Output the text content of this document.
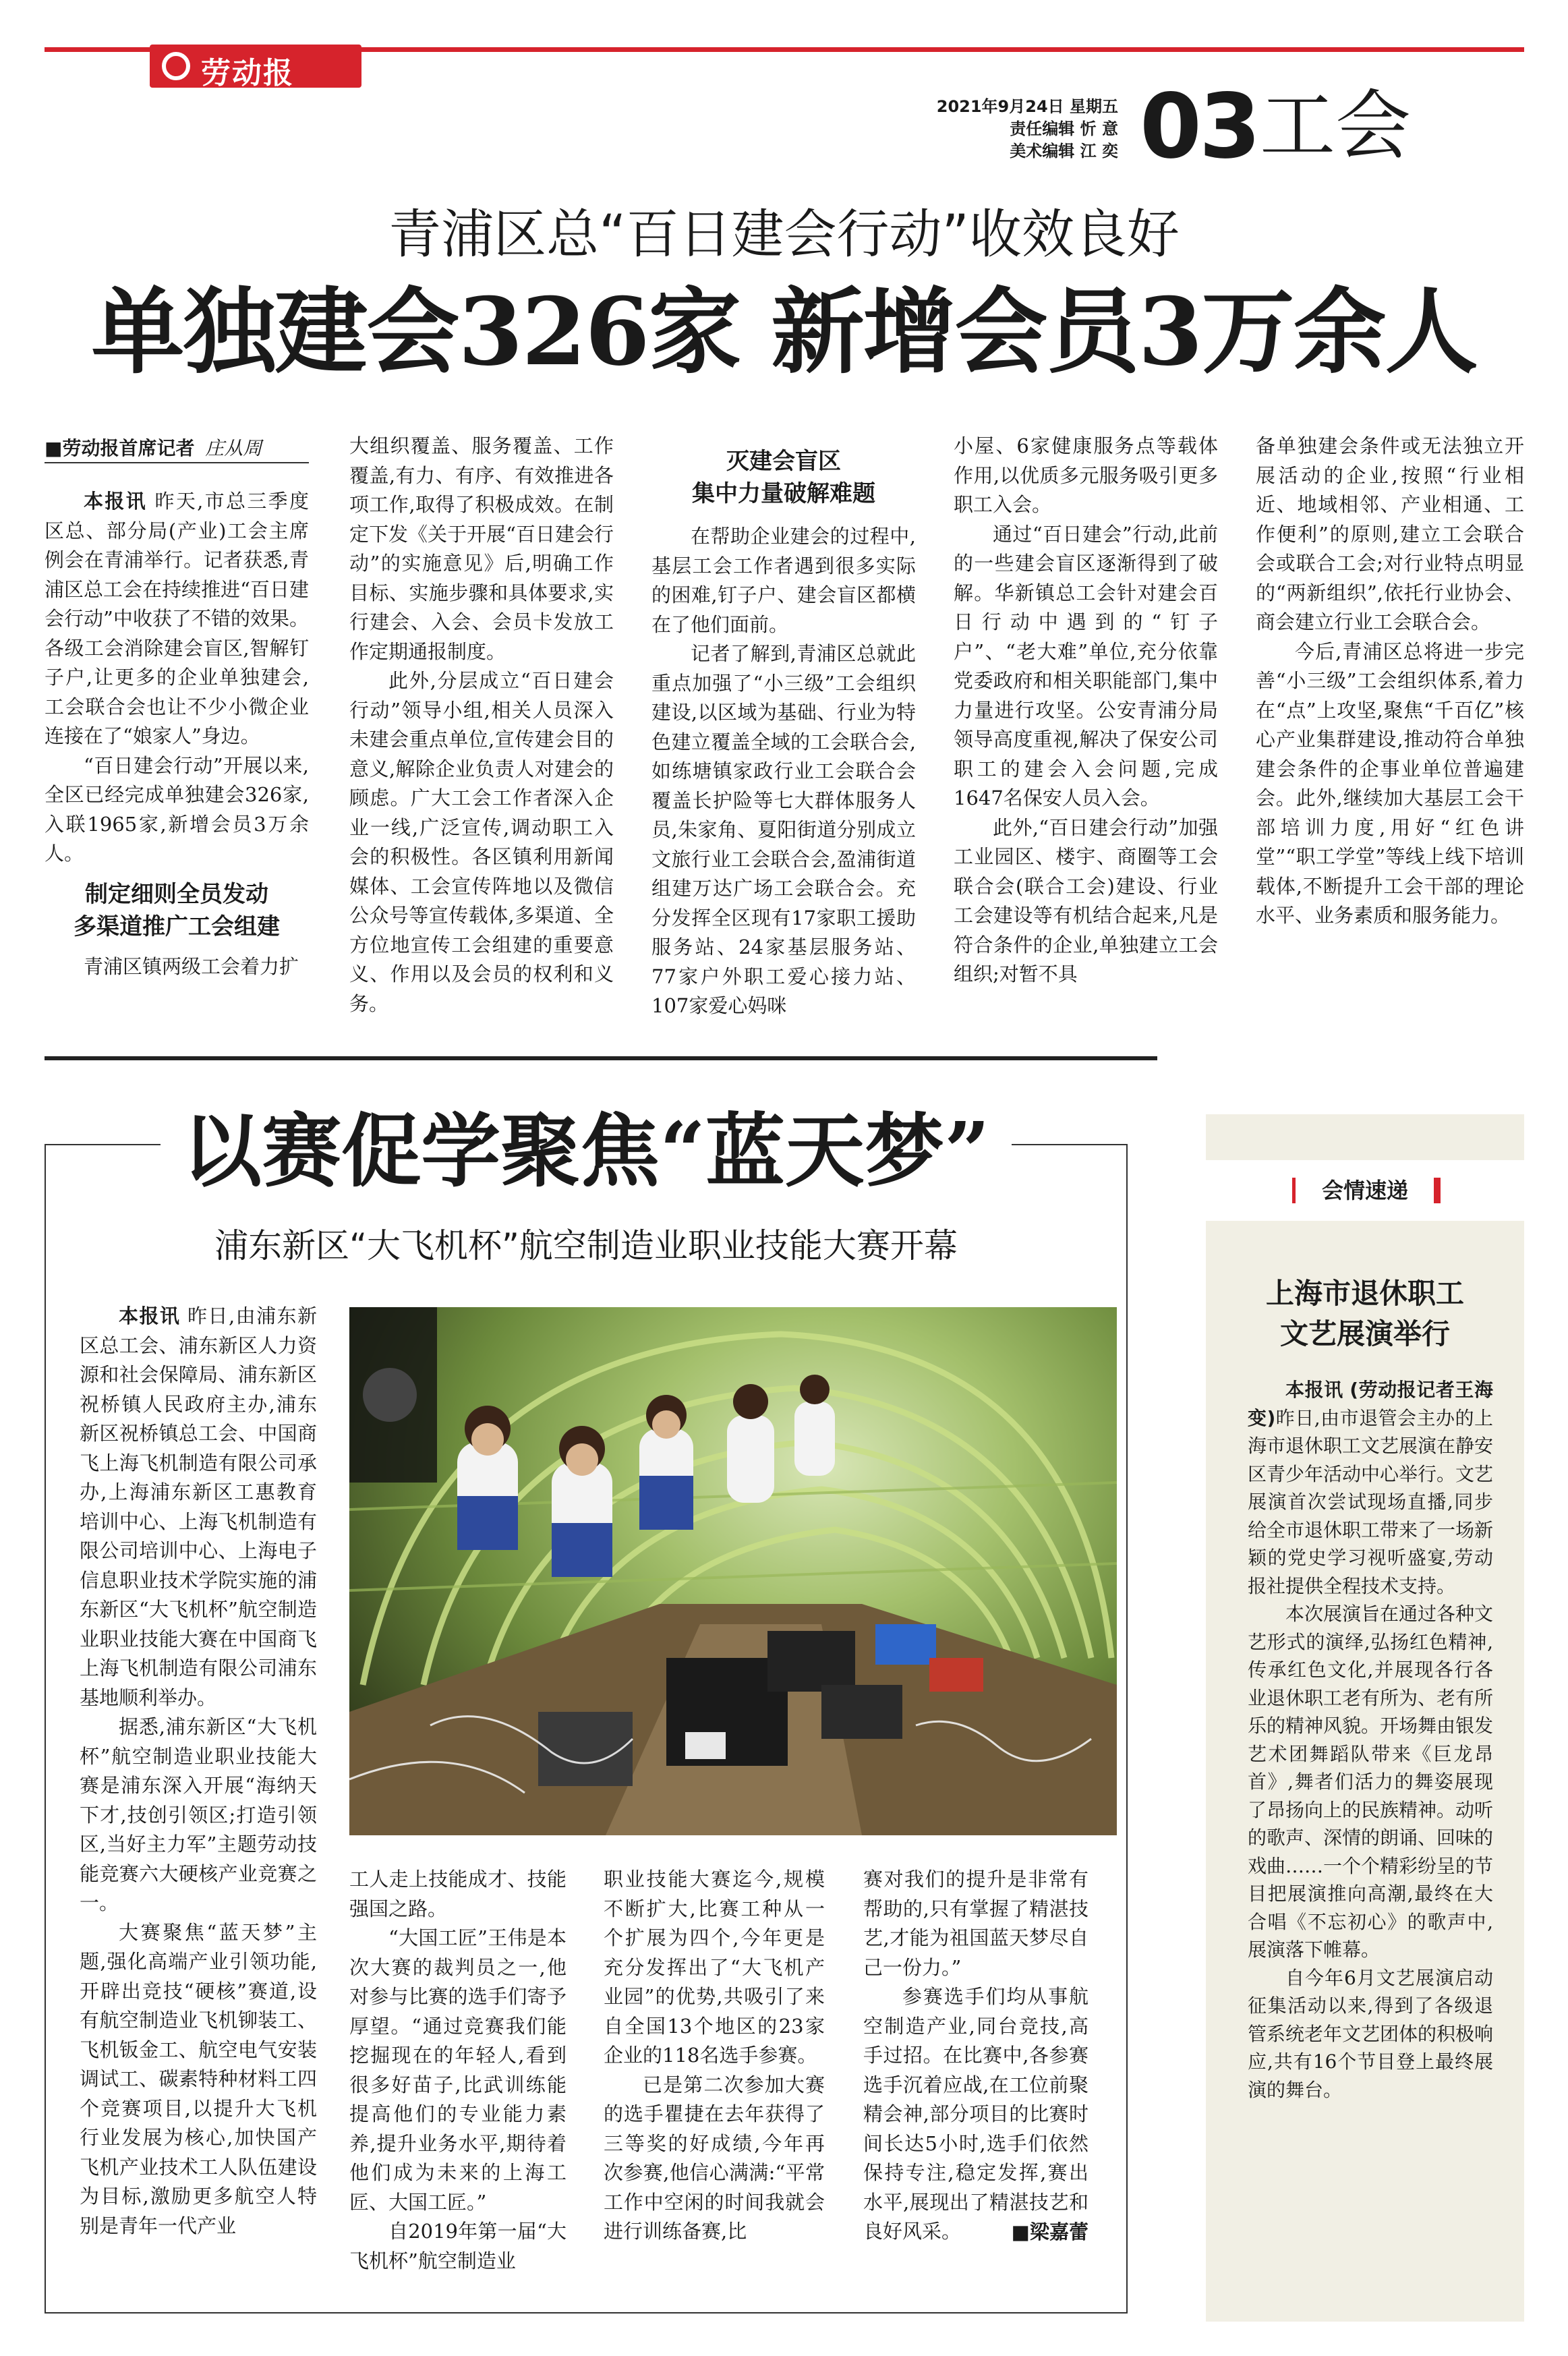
劳动报
2021年9月24日 星期五
责任编辑 忻 意
美术编辑 江 奕 03 工会
青浦区总“百日建会行动”收效良好
单独建会326家 新增会员3万余人
■劳动报首席记者 庄从周

本报讯 昨天,市总三季度区总、部分局(产业)工会主席例会在青浦举行。记者获悉,青浦区总工会在持续推进“百日建会行动”中收获了不错的效果。各级工会消除建会盲区,智解钉子户,让更多的企业单独建会,工会联合会也让不少小微企业连接在了“娘家人”身边。

“百日建会行动”开展以来,全区已经完成单独建会326家,入联1965家,新增会员3万余人。

制定细则全员发动
多渠道推广工会组建

青浦区镇两级工会着力扩

大组织覆盖、服务覆盖、工作覆盖,有力、有序、有效推进各项工作,取得了积极成效。在制定下发《关于开展“百日建会行动”的实施意见》后,明确工作目标、实施步骤和具体要求,实行建会、入会、会员卡发放工作定期通报制度。

此外,分层成立“百日建会行动”领导小组,相关人员深入未建会重点单位,宣传建会目的意义,解除企业负责人对建会的顾虑。广大工会工作者深入企业一线,广泛宣传,调动职工入会的积极性。各区镇利用新闻媒体、工会宣传阵地以及微信公众号等宣传载体,多渠道、全方位地宣传工会组建的重要意义、作用以及会员的权利和义务。

灭建会盲区
集中力量破解难题

在帮助企业建会的过程中,基层工会工作者遇到很多实际的困难,钉子户、建会盲区都横在了他们面前。

记者了解到,青浦区总就此重点加强了“小三级”工会组织建设,以区域为基础、行业为特色建立覆盖全域的工会联合会,如练塘镇家政行业工会联合会覆盖长护险等七大群体服务人员,朱家角、夏阳街道分别成立文旅行业工会联合会,盈浦街道组建万达广场工会联合会。充分发挥全区现有17家职工援助服务站、24家基层服务站、77家户外职工爱心接力站、107家爱心妈咪

小屋、6家健康服务点等载体作用,以优质多元服务吸引更多职工入会。

通过“百日建会”行动,此前的一些建会盲区逐渐得到了破解。华新镇总工会针对建会百日行动中遇到的“钉子户”、“老大难”单位,充分依靠党委政府和相关职能部门,集中力量进行攻坚。公安青浦分局领导高度重视,解决了保安公司职工的建会入会问题,完成1647名保安人员入会。

此外,“百日建会行动”加强工业园区、楼宇、商圈等工会联合会(联合工会)建设、行业工会建设等有机结合起来,凡是符合条件的企业,单独建立工会组织;对暂不具

备单独建会条件或无法独立开展活动的企业,按照“行业相近、地域相邻、产业相通、工作便利”的原则,建立工会联合会或联合工会;对行业特点明显的“两新组织”,依托行业协会、商会建立行业工会联合会。

今后,青浦区总将进一步完善“小三级”工会组织体系,着力在“点”上攻坚,聚焦“千百亿”核心产业集群建设,推动符合单独建会条件的企事业单位普遍建会。此外,继续加大基层工会干部培训力度,用好“红色讲堂”“职工学堂”等线上线下培训载体,不断提升工会干部的理论水平、业务素质和服务能力。

以赛促学聚焦“蓝天梦”
浦东新区“大飞机杯”航空制造业职业技能大赛开幕

本报讯 昨日,由浦东新区总工会、浦东新区人力资源和社会保障局、浦东新区祝桥镇人民政府主办,浦东新区祝桥镇总工会、中国商飞上海飞机制造有限公司承办,上海浦东新区工惠教育培训中心、上海飞机制造有限公司培训中心、上海电子信息职业技术学院实施的浦东新区“大飞机杯”航空制造业职业技能大赛在中国商飞上海飞机制造有限公司浦东基地顺利举办。

据悉,浦东新区“大飞机杯”航空制造业职业技能大赛是浦东深入开展“海纳天下才,技创引领区;打造引领区,当好主力军”主题劳动技能竞赛六大硬核产业竞赛之一。

大赛聚焦“蓝天梦”主题,强化高端产业引领功能,开辟出竞技“硬核”赛道,设有航空制造业飞机铆装工、飞机钣金工、航空电气安装调试工、碳素特种材料工四个竞赛项目,以提升大飞机行业发展为核心,加快国产飞机产业技术工人队伍建设为目标,激励更多航空人特别是青年一代产业

工人走上技能成才、技能强国之路。

“大国工匠”王伟是本次大赛的裁判员之一,他对参与比赛的选手们寄予厚望。“通过竞赛我们能挖掘现在的年轻人,看到很多好苗子,比武训练能提高他们的专业能力素养,提升业务水平,期待着他们成为未来的上海工匠、大国工匠。”

自2019年第一届“大飞机杯”航空制造业

职业技能大赛迄今,规模不断扩大,比赛工种从一个扩展为四个,今年更是充分发挥出了“大飞机产业园”的优势,共吸引了来自全国13个地区的23家企业的118名选手参赛。

已是第二次参加大赛的选手瞿捷在去年获得了三等奖的好成绩,今年再次参赛,他信心满满:“平常工作中空闲的时间我就会进行训练备赛,比

赛对我们的提升是非常有帮助的,只有掌握了精湛技艺,才能为祖国蓝天梦尽自己一份力。”

参赛选手们均从事航空制造产业,同台竞技,高手过招。在比赛中,各参赛选手沉着应战,在工位前聚精会神,部分项目的比赛时间长达5小时,选手们依然保持专注,稳定发挥,赛出水平,展现出了精湛技艺和良好风采。	■梁嘉蕾
会情速递
上海市退休职工
文艺展演举行

本报讯 (劳动报记者王海变)昨日,由市退管会主办的上海市退休职工文艺展演在静安区青少年活动中心举行。文艺展演首次尝试现场直播,同步给全市退休职工带来了一场新颖的党史学习视听盛宴,劳动报社提供全程技术支持。

本次展演旨在通过各种文艺形式的演绎,弘扬红色精神,传承红色文化,并展现各行各业退休职工老有所为、老有所乐的精神风貌。开场舞由银发艺术团舞蹈队带来《巨龙昂首》,舞者们活力的舞姿展现了昂扬向上的民族精神。动听的歌声、深情的朗诵、回味的戏曲……一个个精彩纷呈的节目把展演推向高潮,最终在大合唱《不忘初心》的歌声中,展演落下帷幕。

自今年6月文艺展演启动征集活动以来,得到了各级退管系统老年文艺团体的积极响应,共有16个节目登上最终展演的舞台。
